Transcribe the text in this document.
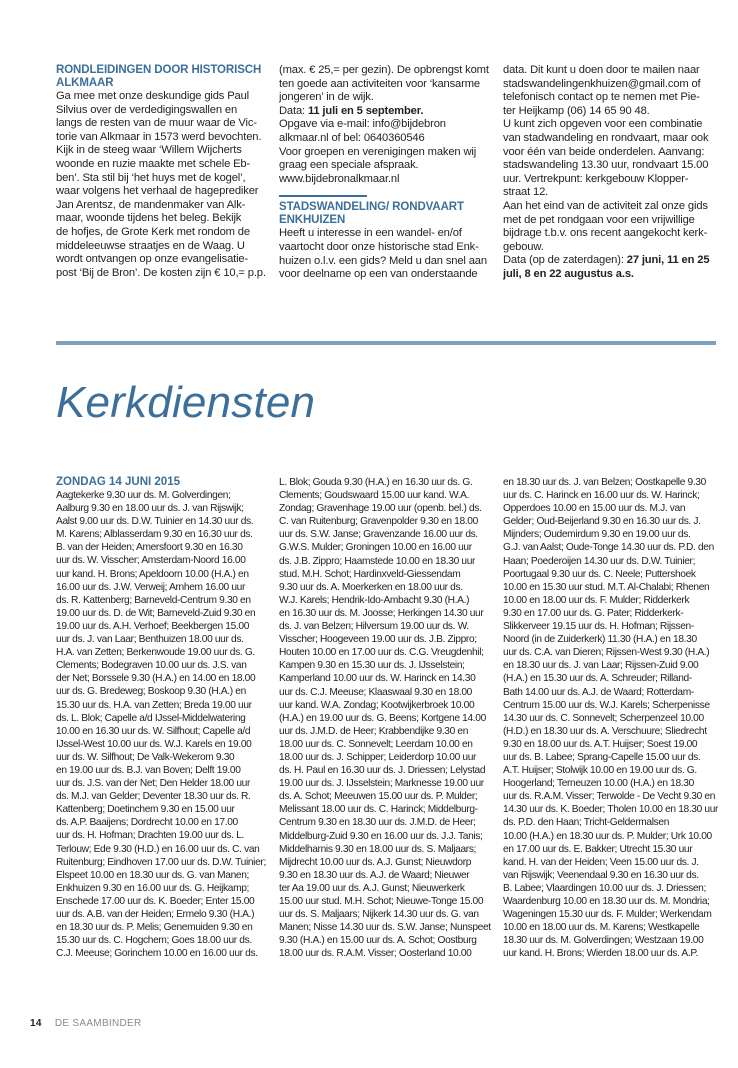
RONDLEIDINGEN DOOR HISTORISCH ALKMAAR

Ga mee met onze deskundige gids Paul
Silvius over de verdedigingswallen en
langs de resten van de muur waar de Vic-
torie van Alkmaar in 1573 werd bevochten.
Kijk in de steeg waar ‘Willem Wijcherts
woonde en ruzie maakte met schele Eb-
ben’. Sta stil bij ‘het huys met de kogel’,
waar volgens het verhaal de hageprediker
Jan Arentsz, de mandenmaker van Alk-
maar, woonde tijdens het beleg. Bekijk
de hofjes, de Grote Kerk met rondom de
middeleeuwse straatjes en de Waag. U
wordt ontvangen op onze evangelisatie-
post ‘Bij de Bron’. De kosten zijn € 10,= p.p.

(max. € 25,= per gezin). De opbrengst komt
ten goede aan activiteiten voor ‘kansarme
jongeren’ in de wijk.

Data: 11 juli en 5 september.

Opgave via e-mail: info@bijdebron
alkmaar.nl of bel: 0640360546
Voor groepen en verenigingen maken wij
graag een speciale afspraak.
www.bijdebronalkmaar.nl

STADSWANDELING/ RONDVAART ENKHUIZEN

Heeft u interesse in een wandel- en/of
vaartocht door onze historische stad Enk-
huizen o.l.v. een gids? Meld u dan snel aan
voor deelname op een van onderstaande

data. Dit kunt u doen door te mailen naar
stadswandelingenkhuizen@gmail.com of
telefonisch contact op te nemen met Pie-
ter Heijkamp (06) 14 65 90 48.
U kunt zich opgeven voor een combinatie
van stadwandeling en rondvaart, maar ook
voor één van beide onderdelen. Aanvang:
stadswandeling 13.30 uur, rondvaart 15.00
uur. Vertrekpunt: kerkgebouw Klopper-
straat 12.
Aan het eind van de activiteit zal onze gids
met de pet rondgaan voor een vrijwillige
bijdrage t.b.v. ons recent aangekocht kerk-
gebouw.

Data (op de zaterdagen): 27 juni, 11 en 25 juli, 8 en 22 augustus a.s.

Kerkdiensten
ZONDAG 14 JUNI 2015

Aagtekerke 9.30 uur ds. M. Golverdingen;
Aalburg 9.30 en 18.00 uur ds. J. van Rijswijk;
Aalst 9.00 uur ds. D.W. Tuinier en 14.30 uur ds.
M. Karens; Alblasserdam 9.30 en 16.30 uur ds.
B. van der Heiden; Amersfoort 9.30 en 16.30
uur ds. W. Visscher; Amsterdam-Noord 16.00
uur kand. H. Brons; Apeldoorn 10.00 (H.A.) en
16.00 uur ds. J.W. Verweij; Arnhem 16.00 uur
ds. R. Kattenberg; Barneveld-Centrum 9.30 en
19.00 uur ds. D. de Wit; Barneveld-Zuid 9.30 en
19.00 uur ds. A.H. Verhoef; Beekbergen 15.00
uur ds. J. van Laar; Benthuizen 18.00 uur ds.
H.A. van Zetten; Berkenwoude 19.00 uur ds. G.
Clements; Bodegraven 10.00 uur ds. J.S. van
der Net; Borssele 9.30 (H.A.) en 14.00 en 18.00
uur ds. G. Bredeweg; Boskoop 9.30 (H.A.) en
15.30 uur ds. H.A. van Zetten; Breda 19.00 uur
ds. L. Blok; Capelle a/d IJssel-Middelwatering
10.00 en 16.30 uur ds. W. Silfhout; Capelle a/d
IJssel-West 10.00 uur ds. W.J. Karels en 19.00
uur ds. W. Silfhout; De Valk-Wekerom 9.30
en 19.00 uur ds. B.J. van Boven; Delft 19.00
uur ds. J.S. van der Net; Den Helder 18.00 uur
ds. M.J. van Gelder; Deventer 18.30 uur ds. R.
Kattenberg; Doetinchem 9.30 en 15.00 uur
ds. A.P. Baaijens; Dordrecht 10.00 en 17.00
uur ds. H. Hofman; Drachten 19.00 uur ds. L.
Terlouw; Ede 9.30 (H.D.) en 16.00 uur ds. C. van
Ruitenburg; Eindhoven 17.00 uur ds. D.W. Tuinier;
Elspeet 10.00 en 18.30 uur ds. G. van Manen;
Enkhuizen 9.30 en 16.00 uur ds. G. Heijkamp;
Enschede 17.00 uur ds. K. Boeder; Enter 15.00
uur ds. A.B. van der Heiden; Ermelo 9.30 (H.A.)
en 18.30 uur ds. P. Melis; Genemuiden 9.30 en
15.30 uur ds. C. Hogchem; Goes 18.00 uur ds.
C.J. Meeuse; Gorinchem 10.00 en 16.00 uur ds.

L. Blok; Gouda 9.30 (H.A.) en 16.30 uur ds. G.
Clements; Goudswaard 15.00 uur kand. W.A.
Zondag; Gravenhage 19.00 uur (openb. bel.) ds.
C. van Ruitenburg; Gravenpolder 9.30 en 18.00
uur ds. S.W. Janse; Gravenzande 16.00 uur ds.
G.W.S. Mulder; Groningen 10.00 en 16.00 uur
ds. J.B. Zippro; Haamstede 10.00 en 18.30 uur
stud. M.H. Schot; Hardinxveld-Giessendam
9.30 uur ds. A. Moerkerken en 18.00 uur ds.
W.J. Karels; Hendrik-Ido-Ambacht 9.30 (H.A.)
en 16.30 uur ds. M. Joosse; Herkingen 14.30 uur
ds. J. van Belzen; Hilversum 19.00 uur ds. W.
Visscher; Hoogeveen 19.00 uur ds. J.B. Zippro;
Houten 10.00 en 17.00 uur ds. C.G. Vreugdenhil;
Kampen 9.30 en 15.30 uur ds. J. IJsselstein;
Kamperland 10.00 uur ds. W. Harinck en 14.30
uur ds. C.J. Meeuse; Klaaswaal 9.30 en 18.00
uur kand. W.A. Zondag; Kootwijkerbroek 10.00
(H.A.) en 19.00 uur ds. G. Beens; Kortgene 14.00
uur ds. J.M.D. de Heer; Krabbendijke 9.30 en
18.00 uur ds. C. Sonnevelt; Leerdam 10.00 en
18.00 uur ds. J. Schipper; Leiderdorp 10.00 uur
ds. H. Paul en 16.30 uur ds. J. Driessen; Lelystad
19.00 uur ds. J. IJsselstein; Marknesse 19.00 uur
ds. A. Schot; Meeuwen 15.00 uur ds. P. Mulder;
Melissant 18.00 uur ds. C. Harinck; Middelburg-
Centrum 9.30 en 18.30 uur ds. J.M.D. de Heer;
Middelburg-Zuid 9.30 en 16.00 uur ds. J.J. Tanis;
Middelharnis 9.30 en 18.00 uur ds. S. Maljaars;
Mijdrecht 10.00 uur ds. A.J. Gunst; Nieuwdorp
9.30 en 18.30 uur ds. A.J. de Waard; Nieuwer
ter Aa 19.00 uur ds. A.J. Gunst; Nieuwerkerk
15.00 uur stud. M.H. Schot; Nieuwe-Tonge 15.00
uur ds. S. Maljaars; Nijkerk 14.30 uur ds. G. van
Manen; Nisse 14.30 uur ds. S.W. Janse; Nunspeet
9.30 (H.A.) en 15.00 uur ds. A. Schot; Oostburg
18.00 uur ds. R.A.M. Visser; Oosterland 10.00

en 18.30 uur ds. J. van Belzen; Oostkapelle 9.30
uur ds. C. Harinck en 16.00 uur ds. W. Harinck;
Opperdoes 10.00 en 15.00 uur ds. M.J. van
Gelder; Oud-Beijerland 9.30 en 16.30 uur ds. J.
Mijnders; Oudemirdum 9.30 en 19.00 uur ds.
G.J. van Aalst; Oude-Tonge 14.30 uur ds. P.D. den
Haan; Poederoijen 14.30 uur ds. D.W. Tuinier;
Poortugaal 9.30 uur ds. C. Neele; Puttershoek
10.00 en 15.30 uur stud. M.T. Al-Chalabi; Rhenen
10.00 en 18.00 uur ds. F. Mulder; Ridderkerk
9.30 en 17.00 uur ds. G. Pater; Ridderkerk-
Slikkerveer 19.15 uur ds. H. Hofman; Rijssen-
Noord (in de Zuiderkerk) 11.30 (H.A.) en 18.30
uur ds. C.A. van Dieren; Rijssen-West 9.30 (H.A.)
en 18.30 uur ds. J. van Laar; Rijssen-Zuid 9.00
(H.A.) en 15.30 uur ds. A. Schreuder; Rilland-
Bath 14.00 uur ds. A.J. de Waard; Rotterdam-
Centrum 15.00 uur ds. W.J. Karels; Scherpenisse
14.30 uur ds. C. Sonnevelt; Scherpenzeel 10.00
(H.D.) en 18.30 uur ds. A. Verschuure; Sliedrecht
9.30 en 18.00 uur ds. A.T. Huijser; Soest 19.00
uur ds. B. Labee; Sprang-Capelle 15.00 uur ds.
A.T. Huijser; Stolwijk 10.00 en 19.00 uur ds. G.
Hoogerland; Terneuzen 10.00 (H.A.) en 18.30
uur ds. R.A.M. Visser; Terwolde - De Vecht 9.30 en
14.30 uur ds. K. Boeder; Tholen 10.00 en 18.30 uur
ds. P.D. den Haan; Tricht-Geldermalsen
10.00 (H.A.) en 18.30 uur ds. P. Mulder; Urk 10.00
en 17.00 uur ds. E. Bakker; Utrecht 15.30 uur
kand. H. van der Heiden; Veen 15.00 uur ds. J.
van Rijswijk; Veenendaal 9.30 en 16.30 uur ds.
B. Labee; Vlaardingen 10.00 uur ds. J. Driessen;
Waardenburg 10.00 en 18.30 uur ds. M. Mondria;
Wageningen 15.30 uur ds. F. Mulder; Werkendam
10.00 en 18.00 uur ds. M. Karens; Westkapelle
18.30 uur ds. M. Golverdingen; Westzaan 19.00
uur kand. H. Brons; Wierden 18.00 uur ds. A.P.

14 DE SAAMBINDER
